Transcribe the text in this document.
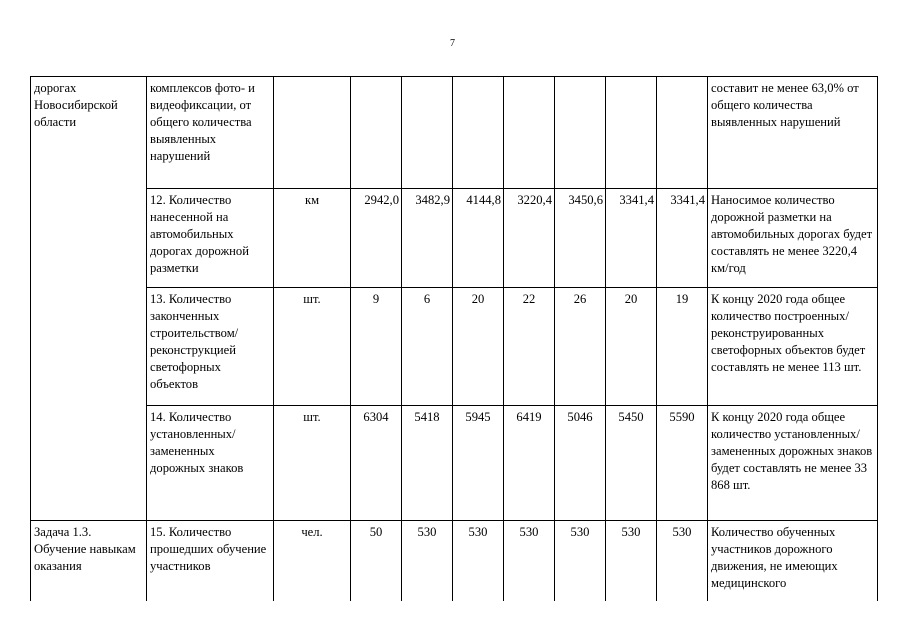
7
дорогах Новосибирской области	комплексов фото- и видеофиксации, от общего количества выявленных нарушений									составит не менее 63,0% от общего количества выявленных нарушений
	12. Количество нанесенной на автомобильных дорогах дорожной разметки	км	2942,0	3482,9	4144,8	3220,4	3450,6	3341,4	3341,4	Наносимое количество дорожной разметки на автомобильных дорогах будет составлять не менее 3220,4 км/год
	13. Количество законченных строительством/ реконструкцией светофорных объектов	шт.	9	6	20	22	26	20	19	К концу 2020 года общее количество построенных/ реконструированных светофорных объектов будет составлять не менее 113 шт.
	14. Количество установленных/ замененных дорожных знаков	шт.	6304	5418	5945	6419	5046	5450	5590	К концу 2020 года общее количество установленных/ замененных дорожных знаков будет составлять не менее 33 868 шт.
Задача 1.3. Обучение навыкам оказания	15. Количество прошедших обучение участников	чел.	50	530	530	530	530	530	530	Количество обученных участников дорожного движения, не имеющих медицинского
